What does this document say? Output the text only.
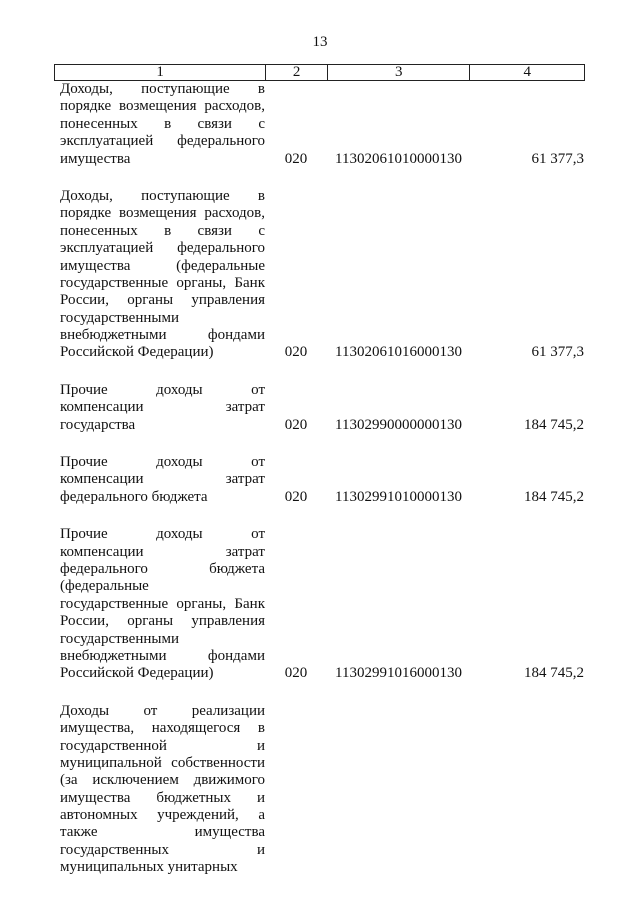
13
1	2	3	4
Доходы, поступающие в
порядке возмещения расходов,
понесенных в связи с
эксплуатацией федерального
имущества	020	11302061010000130	61 377,3
Доходы, поступающие в
порядке возмещения расходов,
понесенных в связи с
эксплуатацией федерального
имущества (федеральные
государственные органы, Банк
России, органы управления
государственными
внебюджетными фондами
Российской Федерации)	020	11302061016000130	61 377,3
Прочие доходы от
компенсации затрат
государства	020	11302990000000130	184 745,2
Прочие доходы от
компенсации затрат
федерального бюджета	020	11302991010000130	184 745,2
Прочие доходы от
компенсации затрат
федерального бюджета
(федеральные
государственные органы, Банк
России, органы управления
государственными
внебюджетными фондами
Российской Федерации)	020	11302991016000130	184 745,2
Доходы от реализации
имущества, находящегося в
государственной и
муниципальной собственности
(за исключением движимого
имущества бюджетных и
автономных учреждений, а
также имущества
государственных и
муниципальных унитарных
